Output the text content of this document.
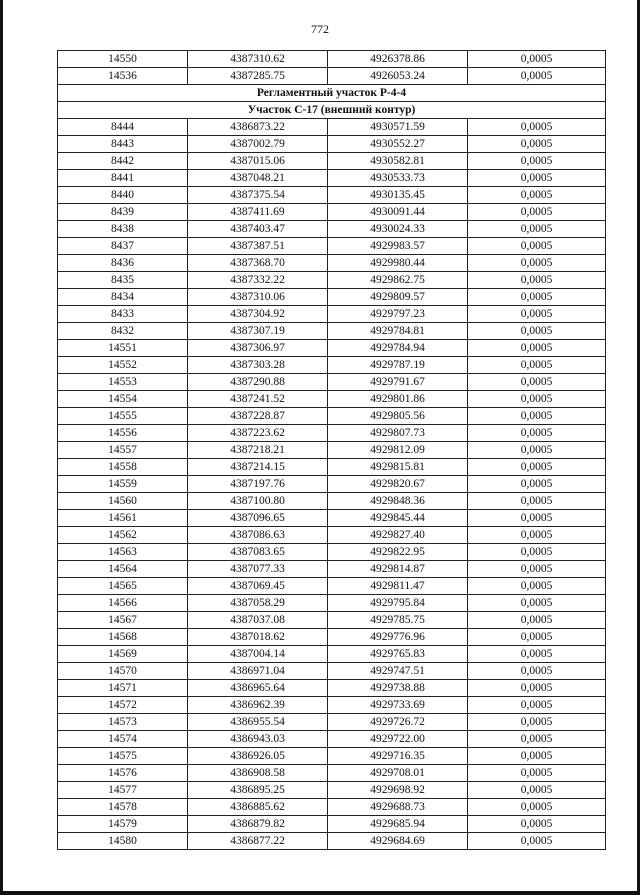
772
14550	4387310.62	4926378.86	0,0005
14536	4387285.75	4926053.24	0,0005
Регламентный участок Р-4-4			
Участок С-17 (внешний контур)			
8444	4386873.22	4930571.59	0,0005
8443	4387002.79	4930552.27	0,0005
8442	4387015.06	4930582.81	0,0005
8441	4387048.21	4930533.73	0,0005
8440	4387375.54	4930135.45	0,0005
8439	4387411.69	4930091.44	0,0005
8438	4387403.47	4930024.33	0,0005
8437	4387387.51	4929983.57	0,0005
8436	4387368.70	4929980.44	0,0005
8435	4387332.22	4929862.75	0,0005
8434	4387310.06	4929809.57	0,0005
8433	4387304.92	4929797.23	0,0005
8432	4387307.19	4929784.81	0,0005
14551	4387306.97	4929784.94	0,0005
14552	4387303.28	4929787.19	0,0005
14553	4387290.88	4929791.67	0,0005
14554	4387241.52	4929801.86	0,0005
14555	4387228.87	4929805.56	0,0005
14556	4387223.62	4929807.73	0,0005
14557	4387218.21	4929812.09	0,0005
14558	4387214.15	4929815.81	0,0005
14559	4387197.76	4929820.67	0,0005
14560	4387100.80	4929848.36	0,0005
14561	4387096.65	4929845.44	0,0005
14562	4387086.63	4929827.40	0,0005
14563	4387083.65	4929822.95	0,0005
14564	4387077.33	4929814.87	0,0005
14565	4387069.45	4929811.47	0,0005
14566	4387058.29	4929795.84	0,0005
14567	4387037.08	4929785.75	0,0005
14568	4387018.62	4929776.96	0,0005
14569	4387004.14	4929765.83	0,0005
14570	4386971.04	4929747.51	0,0005
14571	4386965.64	4929738.88	0,0005
14572	4386962.39	4929733.69	0,0005
14573	4386955.54	4929726.72	0,0005
14574	4386943.03	4929722.00	0,0005
14575	4386926.05	4929716.35	0,0005
14576	4386908.58	4929708.01	0,0005
14577	4386895.25	4929698.92	0,0005
14578	4386885.62	4929688.73	0,0005
14579	4386879.82	4929685.94	0,0005
14580	4386877.22	4929684.69	0,0005
